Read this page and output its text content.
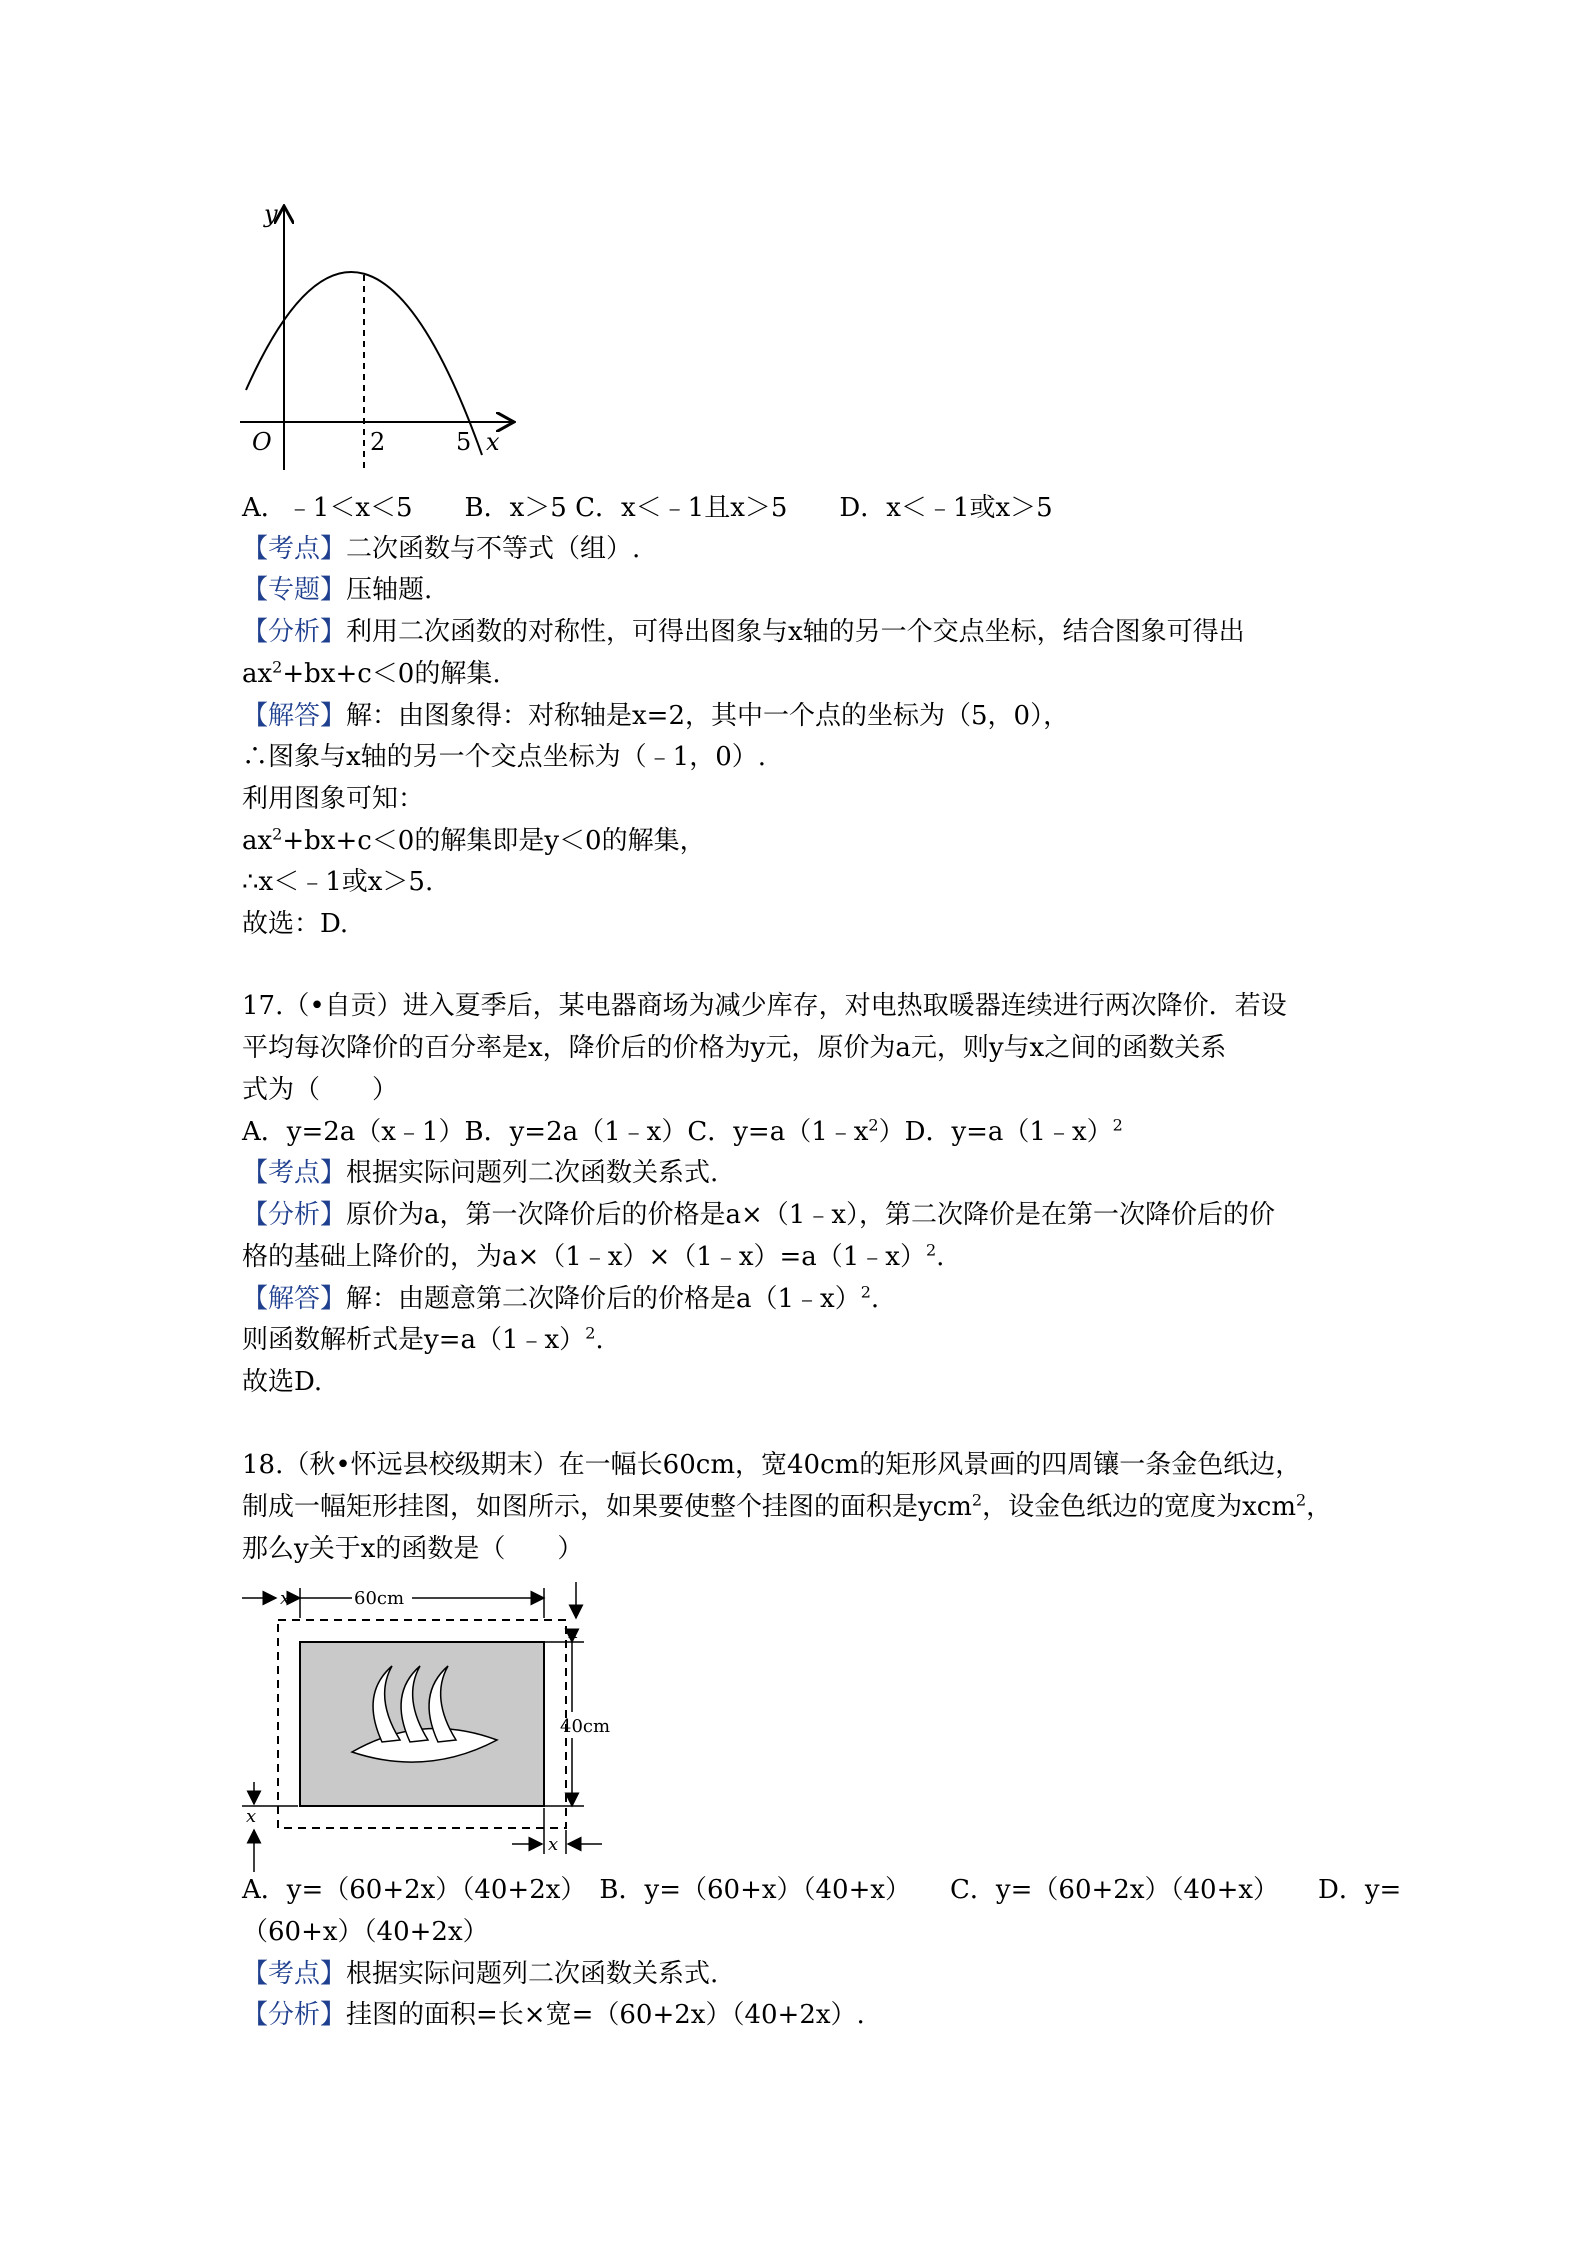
y
O	2	5 x
A．﹣1＜x＜5　　B．x＞5 C．x＜﹣1且x＞5　　D．x＜﹣1或x＞5
【考点】二次函数与不等式（组）.
【专题】压轴题.
【分析】利用二次函数的对称性，可得出图象与x轴的另一个交点坐标，结合图象可得出
$ax^2+bx+c<0$的解集.
【解答】解：由图象得：对称轴是x=2，其中一个点的坐标为（5，0），
∴图象与x轴的另一个交点坐标为（﹣1，0）.
利用图象可知：
$ax^2+bx+c<0$的解集即是y＜0的解集，
∴x＜﹣1或x＞5.
故选：D.
17.（•自贡）进入夏季后，某电器商场为减少库存，对电热取暖器连续进行两次降价．若设
平均每次降价的百分率是x，降价后的价格为y元，原价为a元，则y与x之间的函数关系
式为（　　）
A．y=2a（x﹣1）B．y=2a（1﹣x）C．$y=a(1﹣x^2)D$．y=a（1﹣x）$^2$
【考点】根据实际问题列二次函数关系式.
【分析】原价为a，第一次降价后的价格是a×（1﹣x），第二次降价是在第一次降价后的价
格的基础上降价的，为a×（1﹣x）×（1﹣x）=a（1﹣x）$^2$.
【解答】解：由题意第二次降价后的价格是a（1﹣x）$^2$.
则函数解析式是y=a（1﹣x）$^2$.
故选D.
18.（秋•怀远县校级期末）在一幅长60cm，宽40cm的矩形风景画的四周镶一条金色纸边，
制成一幅矩形挂图，如图所示，如果要使整个挂图的面积是ycm$^2$，设金色纸边的宽度为xcm$^2$，
那么y关于x的函数是（　　）
x	60cm
x
40cm
x
x
A．y=（60+2x）（40+2x）　B．y=（60+x）（40+x）　　C．y=（60+2x）（40+x）　　D．y=
（60+x）（40+2x）
【考点】根据实际问题列二次函数关系式.
【分析】挂图的面积=长×宽=（60+2x）（40+2x）.
